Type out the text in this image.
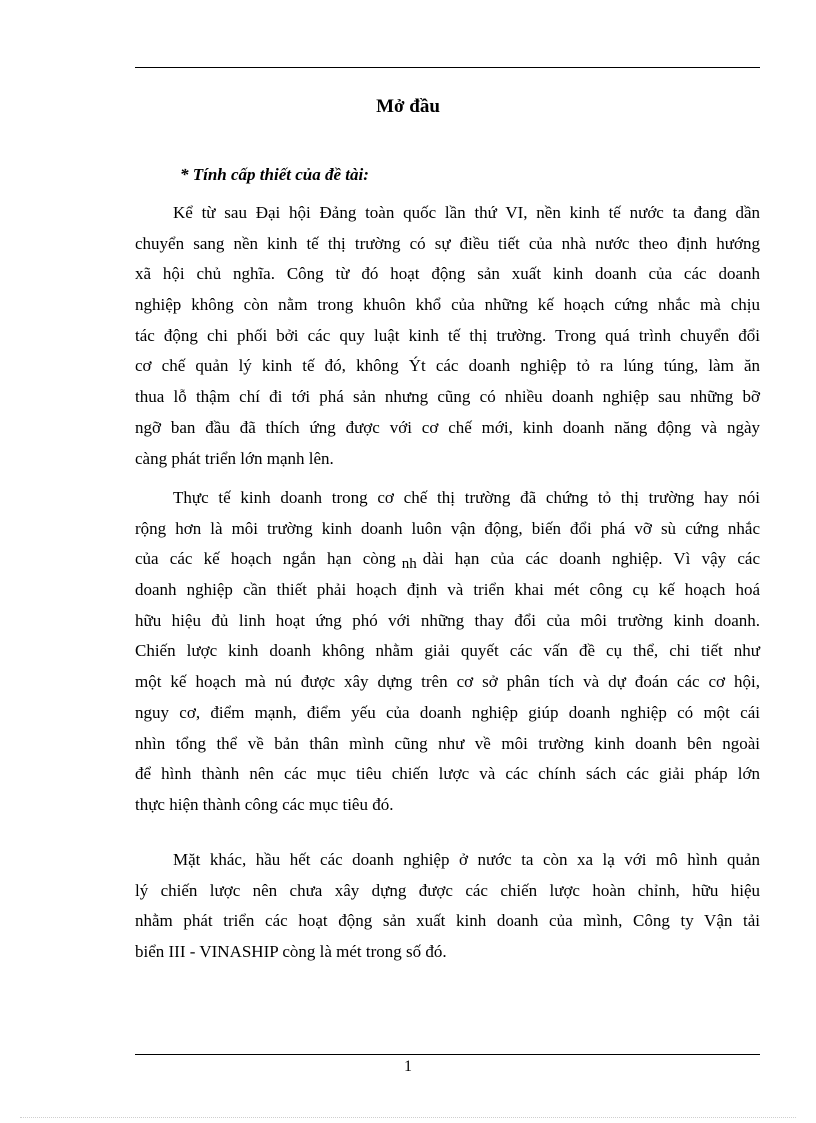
Mở đầu
* Tính cấp thiết của đề tài:
Kể từ sau Đại hội Đảng toàn quốc lần thứ VI, nền kinh tế nước ta đang dần
chuyển sang nền kinh tế thị trường có sự điều tiết của nhà nước theo định hướng
xã hội chủ nghĩa. Công từ đó hoạt động sản xuất kinh doanh của các doanh
nghiệp không còn nằm trong khuôn khổ của những kế hoạch cứng nhắc mà chịu
tác động chi phối bởi các quy luật kinh tế thị trường. Trong quá trình chuyển đổi
cơ chế quản lý kinh tế đó, không Ýt các doanh nghiệp tỏ ra lúng túng, làm ăn
thua lỗ thậm chí đi tới phá sản nhưng cũng có nhiều doanh nghiệp sau những bỡ
ngỡ ban đầu đã thích ứng được với cơ chế mới, kinh doanh năng động và ngày
càng phát triển lớn mạnh lên.
Thực tế kinh doanh trong cơ chế thị trường đã chứng tỏ thị trường hay nói
rộng hơn là môi trường kinh doanh luôn vận động, biến đổi phá vỡ sù cứng nhắc
của các kế hoạch ngắn hạn còng nh dài hạn của các doanh nghiệp. Vì vậy các
doanh nghiệp cần thiết phải hoạch định và triển khai mét công cụ kế hoạch hoá
hữu hiệu đủ linh hoạt ứng phó với những thay đổi của môi trường kinh doanh.
Chiến lược kinh doanh không nhằm giải quyết các vấn đề cụ thể, chi tiết như
một kế hoạch mà nú được xây dựng trên cơ sở phân tích và dự đoán các cơ hội,
nguy cơ, điểm mạnh, điểm yếu của doanh nghiệp giúp doanh nghiệp có một cái
nhìn tổng thể về bản thân mình cũng như về môi trường kinh doanh bên ngoài
để hình thành nên các mục tiêu chiến lược và các chính sách các giải pháp lớn
thực hiện thành công các mục tiêu đó.
Mặt khác, hầu hết các doanh nghiệp ở nước ta còn xa lạ với mô hình quản
lý chiến lược nên chưa xây dựng được các chiến lược hoàn chỉnh, hữu hiệu
nhằm phát triển các hoạt động sản xuất kinh doanh của mình, Công ty Vận tải
biển III - VINASHIP còng là mét trong số đó.
1
